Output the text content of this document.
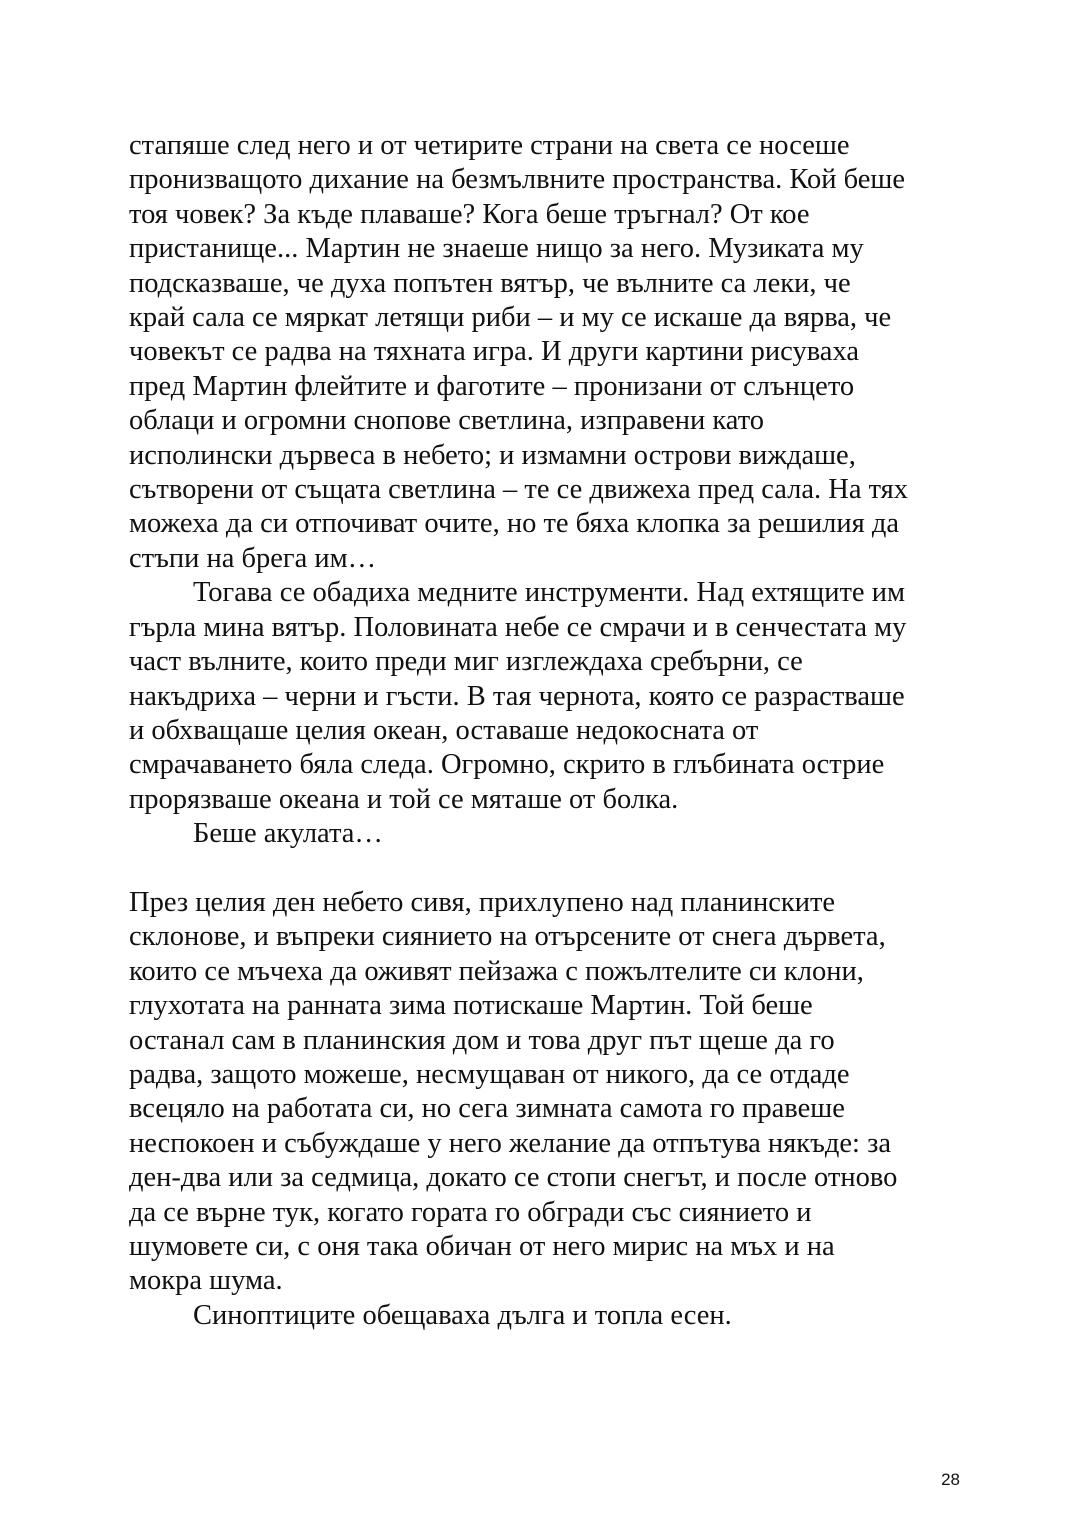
стапяше след него и от четирите страни на света се носеше
пронизващото дихание на безмълвните пространства. Кой беше
тоя човек? За къде плаваше? Кога беше тръгнал? От кое
пристанище... Мартин не знаеше нищо за него. Музиката му
подсказваше, че духа попътен вятър, че вълните са леки, че
край сала се мяркат летящи риби – и му се искаше да вярва, че
човекът се радва на тяхната игра. И други картини рисуваха
пред Мартин флейтите и фаготите – пронизани от слънцето
облаци и огромни снопове светлина, изправени като
исполински дървеса в небето; и измамни острови виждаше,
сътворени от същата светлина – те се движеха пред сала. На тях
можеха да си отпочиват очите, но те бяха клопка за решилия да
стъпи на брега им…
Тогава се обадиха медните инструменти. Над ехтящите им
гърла мина вятър. Половината небе се смрачи и в сенчестата му
част вълните, които преди миг изглеждаха сребърни, се
накъдриха – черни и гъсти. В тая чернота, която се разрастваше
и обхващаше целия океан, оставаше недокосната от
смрачаването бяла следа. Огромно, скрито в глъбината острие
прорязваше океана и той се мяташе от болка.
Беше акулата…
През целия ден небето сивя, прихлупено над планинските
склонове, и въпреки сиянието на отърсените от снега дървета,
които се мъчеха да оживят пейзажа с пожълтелите си клони,
глухотата на ранната зима потискаше Мартин. Той беше
останал сам в планинския дом и това друг път щеше да го
радва, защото можеше, несмущаван от никого, да се отдаде
всецяло на работата си, но сега зимната самота го правеше
неспокоен и събуждаше у него желание да отпътува някъде: за
ден-два или за седмица, докато се стопи снегът, и после отново
да се върне тук, когато гората го обгради със сиянието и
шумовете си, с оня така обичан от него мирис на мъх и на
мокра шума.
Синоптиците обещаваха дълга и топла есен.
28
